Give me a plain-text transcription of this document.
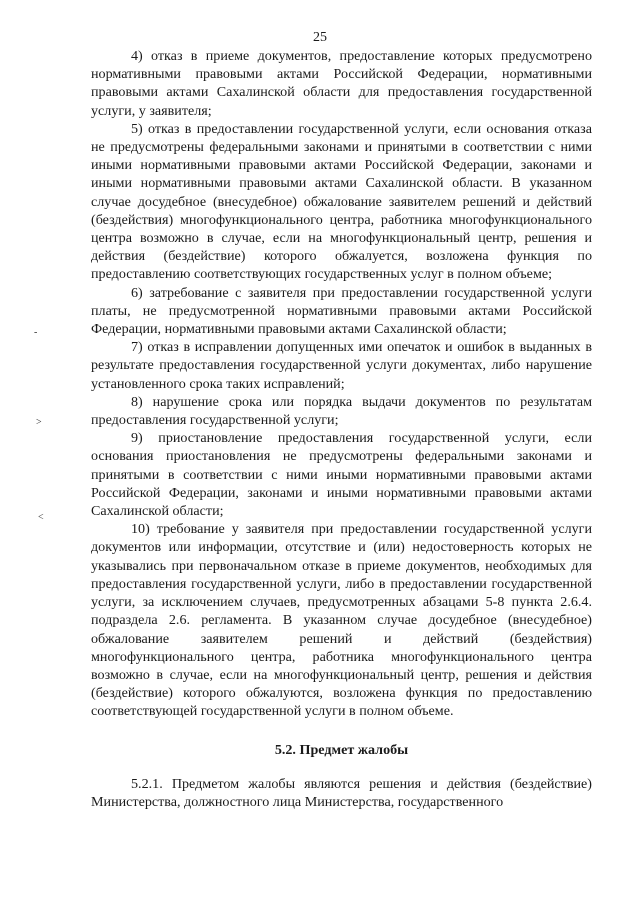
25
-
˃
˂

4) отказ в приеме документов, предоставление которых предусмотрено нормативными правовыми актами Российской Федерации, нормативными правовыми актами Сахалинской области для предоставления государственной услуги, у заявителя;

5) отказ в предоставлении государственной услуги, если основания отказа не предусмотрены федеральными законами и принятыми в соответствии с ними иными нормативными правовыми актами Российской Федерации, законами и иными нормативными правовыми актами Сахалинской области. В указанном случае досудебное (внесудебное) обжалование заявителем решений и действий (бездействия) многофункционального центра, работника многофункционального центра возможно в случае, если на многофункциональный центр, решения и действия (бездействие) которого обжалуется, возложена функция по предоставлению соответствующих государственных услуг в полном объеме;

6) затребование с заявителя при предоставлении государственной услуги платы, не предусмотренной нормативными правовыми актами Российской Федерации, нормативными правовыми актами Сахалинской области;

7) отказ в исправлении допущенных ими опечаток и ошибок в выданных в результате предоставления государственной услуги документах, либо нарушение установленного срока таких исправлений;

8) нарушение срока или порядка выдачи документов по результатам предоставления государственной услуги;

9) приостановление предоставления государственной услуги, если основания приостановления не предусмотрены федеральными законами и принятыми в соответствии с ними иными нормативными правовыми актами Российской Федерации, законами и иными нормативными правовыми актами Сахалинской области;

10) требование у заявителя при предоставлении государственной услуги документов или информации, отсутствие и (или) недостоверность которых не указывались при первоначальном отказе в приеме документов, необходимых для предоставления государственной услуги, либо в предоставлении государственной услуги, за исключением случаев, предусмотренных абзацами 5-8 пункта 2.6.4. подраздела 2.6. регламента. В указанном случае досудебное (внесудебное) обжалование заявителем решений и действий (бездействия) многофункционального центра, работника многофункционального центра возможно в случае, если на многофункциональный центр, решения и действия (бездействие) которого обжалуются, возложена функция по предоставлению соответствующей государственной услуги в полном объеме.

5.2. Предмет жалобы

5.2.1. Предметом жалобы являются решения и действия (бездействие) Министерства, должностного лица Министерства, государственного
